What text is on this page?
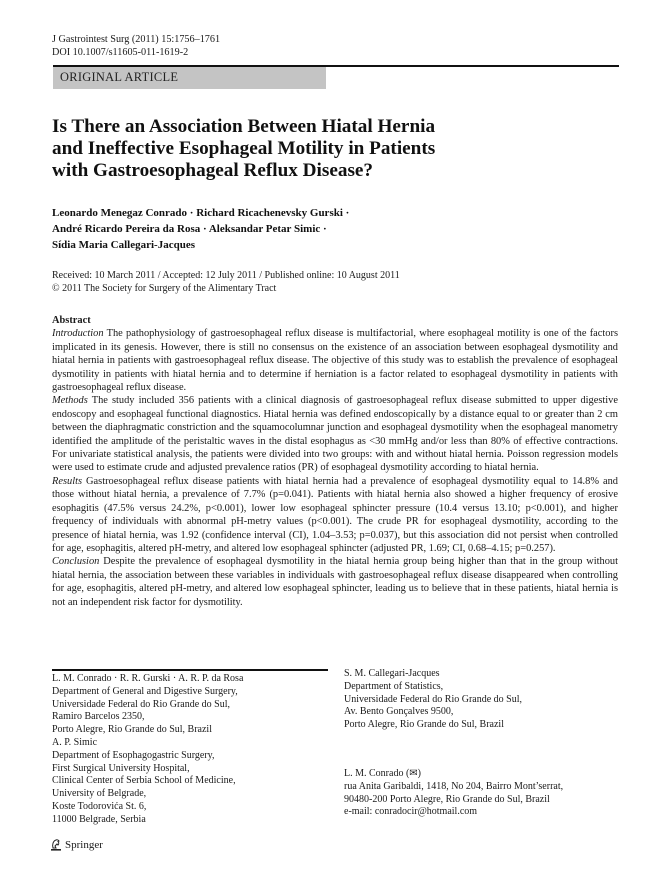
J Gastrointest Surg (2011) 15:1756–1761
DOI 10.1007/s11605-011-1619-2
ORIGINAL ARTICLE
Is There an Association Between Hiatal Hernia
and Ineffective Esophageal Motility in Patients
with Gastroesophageal Reflux Disease?
Leonardo Menegaz Conrado · Richard Ricachenevsky Gurski ·
André Ricardo Pereira da Rosa · Aleksandar Petar Simic ·
Sídia Maria Callegari-Jacques
Received: 10 March 2011 / Accepted: 12 July 2011 / Published online: 10 August 2011
© 2011 The Society for Surgery of the Alimentary Tract
Abstract

Introduction The pathophysiology of gastroesophageal reflux disease is multifactorial, where esophageal motility is one of the factors implicated in its genesis. However, there is still no consensus on the existence of an association between esophageal dysmotility and hiatal hernia in patients with gastroesophageal reflux disease. The objective of this study was to establish the prevalence of esophageal dysmotility in patients with hiatal hernia and to determine if herniation is a factor related to esophageal dysmotility in patients with gastroesophageal reflux disease.

Methods The study included 356 patients with a clinical diagnosis of gastroesophageal reflux disease submitted to upper digestive endoscopy and esophageal functional diagnostics. Hiatal hernia was defined endoscopically by a distance equal to or greater than 2 cm between the diaphragmatic constriction and the squamocolumnar junction and esophageal dysmotility when the esophageal manometry identified the amplitude of the peristaltic waves in the distal esophagus as <30 mmHg and/or less than 80% of effective contractions. For univariate statistical analysis, the patients were divided into two groups: with and without hiatal hernia. Poisson regression models were used to estimate crude and adjusted prevalence ratios (PR) of esophageal dysmotility according to hiatal hernia.

Results Gastroesophageal reflux disease patients with hiatal hernia had a prevalence of esophageal dysmotility equal to 14.8% and those without hiatal hernia, a prevalence of 7.7% (p=0.041). Patients with hiatal hernia also showed a higher frequency of erosive esophagitis (47.5% versus 24.2%, p<0.001), lower low esophageal sphincter pressure (10.4 versus 13.10; p<0.001), and higher frequency of individuals with abnormal pH-metry values (p<0.001). The crude PR for esophageal dysmotility, according to the presence of hiatal hernia, was 1.92 (confidence interval (CI), 1.04–3.53; p=0.037), but this association did not persist when controlled for age, esophagitis, altered pH-metry, and altered low esophageal sphincter (adjusted PR, 1.69; CI, 0.68–4.15; p=0.257).

Conclusion Despite the prevalence of esophageal dysmotility in the hiatal hernia group being higher than that in the group without hiatal hernia, the association between these variables in individuals with gastroesophageal reflux disease disappeared when controlling for age, esophagitis, altered pH-metry, and altered low esophageal sphincter, leading us to believe that in these patients, hiatal hernia is not an independent risk factor for dysmotility.

L. M. Conrado · R. R. Gurski · A. R. P. da Rosa
Department of General and Digestive Surgery,
Universidade Federal do Rio Grande do Sul,
Ramiro Barcelos 2350,
Porto Alegre, Rio Grande do Sul, Brazil
S. M. Callegari-Jacques
Department of Statistics,
Universidade Federal do Rio Grande do Sul,
Av. Bento Gonçalves 9500,
Porto Alegre, Rio Grande do Sul, Brazil
A. P. Simic
Department of Esophagogastric Surgery,
First Surgical University Hospital,
Clinical Center of Serbia School of Medicine,
University of Belgrade,
Koste Todorovića St. 6,
11000 Belgrade, Serbia
L. M. Conrado (✉)
rua Anita Garibaldi, 1418, No 204, Bairro Mont’serrat,
90480-200 Porto Alegre, Rio Grande do Sul, Brazil
e-mail: conradocir@hotmail.com
Springer
